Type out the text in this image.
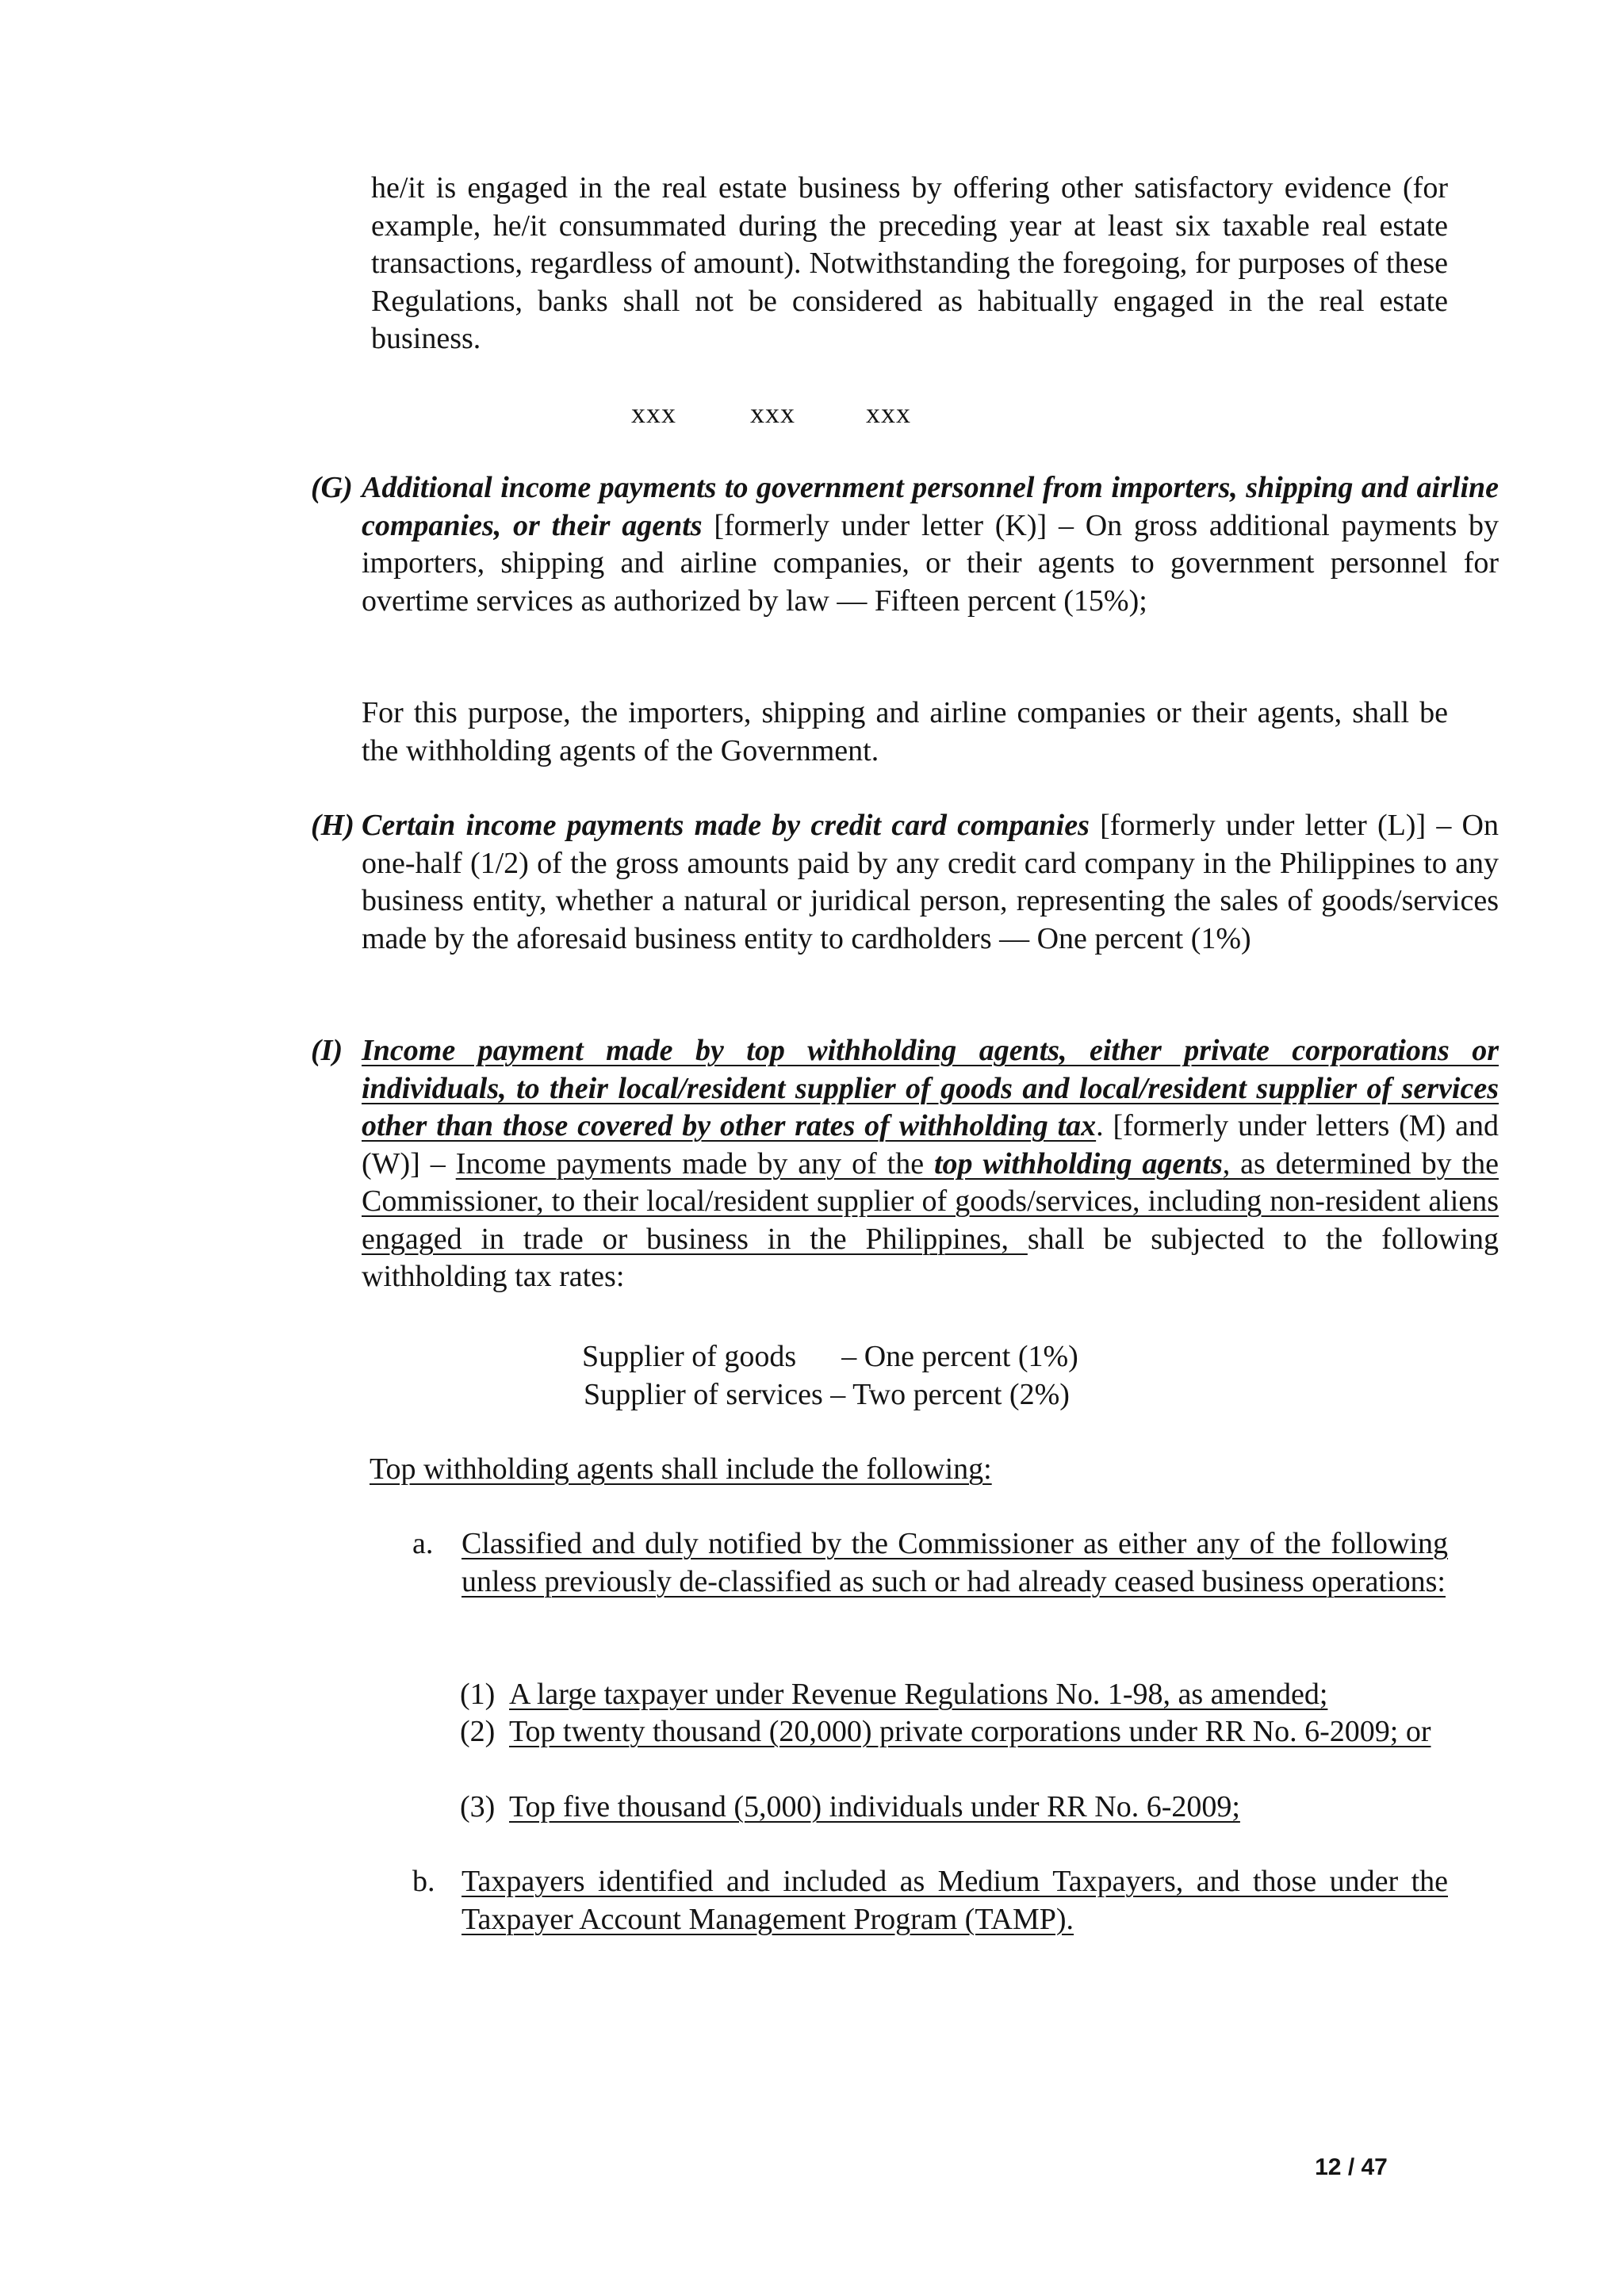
he/it is engaged in the real estate business by offering other satisfactory evidence (for example, he/it consummated during the preceding year at least six taxable real estate transactions, regardless of amount). Notwithstanding the foregoing, for purposes of these Regulations, banks shall not be considered as habitually engaged in the real estate business.
xxx	xxx xxx
(G) Additional income payments to government personnel from importers, shipping and airline companies, or their agents [formerly under letter (K)] – On gross additional payments by importers, shipping and airline companies, or their agents to government personnel for overtime services as authorized by law — Fifteen percent (15%);
For this purpose, the importers, shipping and airline companies or their agents, shall be the withholding agents of the Government.
(H) Certain income payments made by credit card companies [formerly under letter (L)] – On one-half (1/2) of the gross amounts paid by any credit card company in the Philippines to any business entity, whether a natural or juridical person, representing the sales of goods/services made by the aforesaid business entity to cardholders — One percent (1%)
(I) Income payment made by top withholding agents, either private corporations or individuals, to their local/resident supplier of goods and local/resident supplier of services other than those covered by other rates of withholding tax. [formerly under letters (M) and (W)] – Income payments made by any of the top withholding agents, as determined by the Commissioner, to their local/resident supplier of goods/services, including non-resident aliens engaged in trade or business in the Philippines, shall be subjected to the following withholding tax rates:
Supplier of goods      – One percent (1%)
Supplier of services – Two percent (2%)
Top withholding agents shall include the following:
a. Classified and duly notified by the Commissioner as either any of the following unless previously de-classified as such or had already ceased business operations:
(1) A large taxpayer under Revenue Regulations No. 1-98, as amended;
(2) Top twenty thousand (20,000) private corporations under RR No. 6-2009; or
(3) Top five thousand (5,000) individuals under RR No. 6-2009;
b. Taxpayers identified and included as Medium Taxpayers, and those under the Taxpayer Account Management Program (TAMP).
12 / 47
